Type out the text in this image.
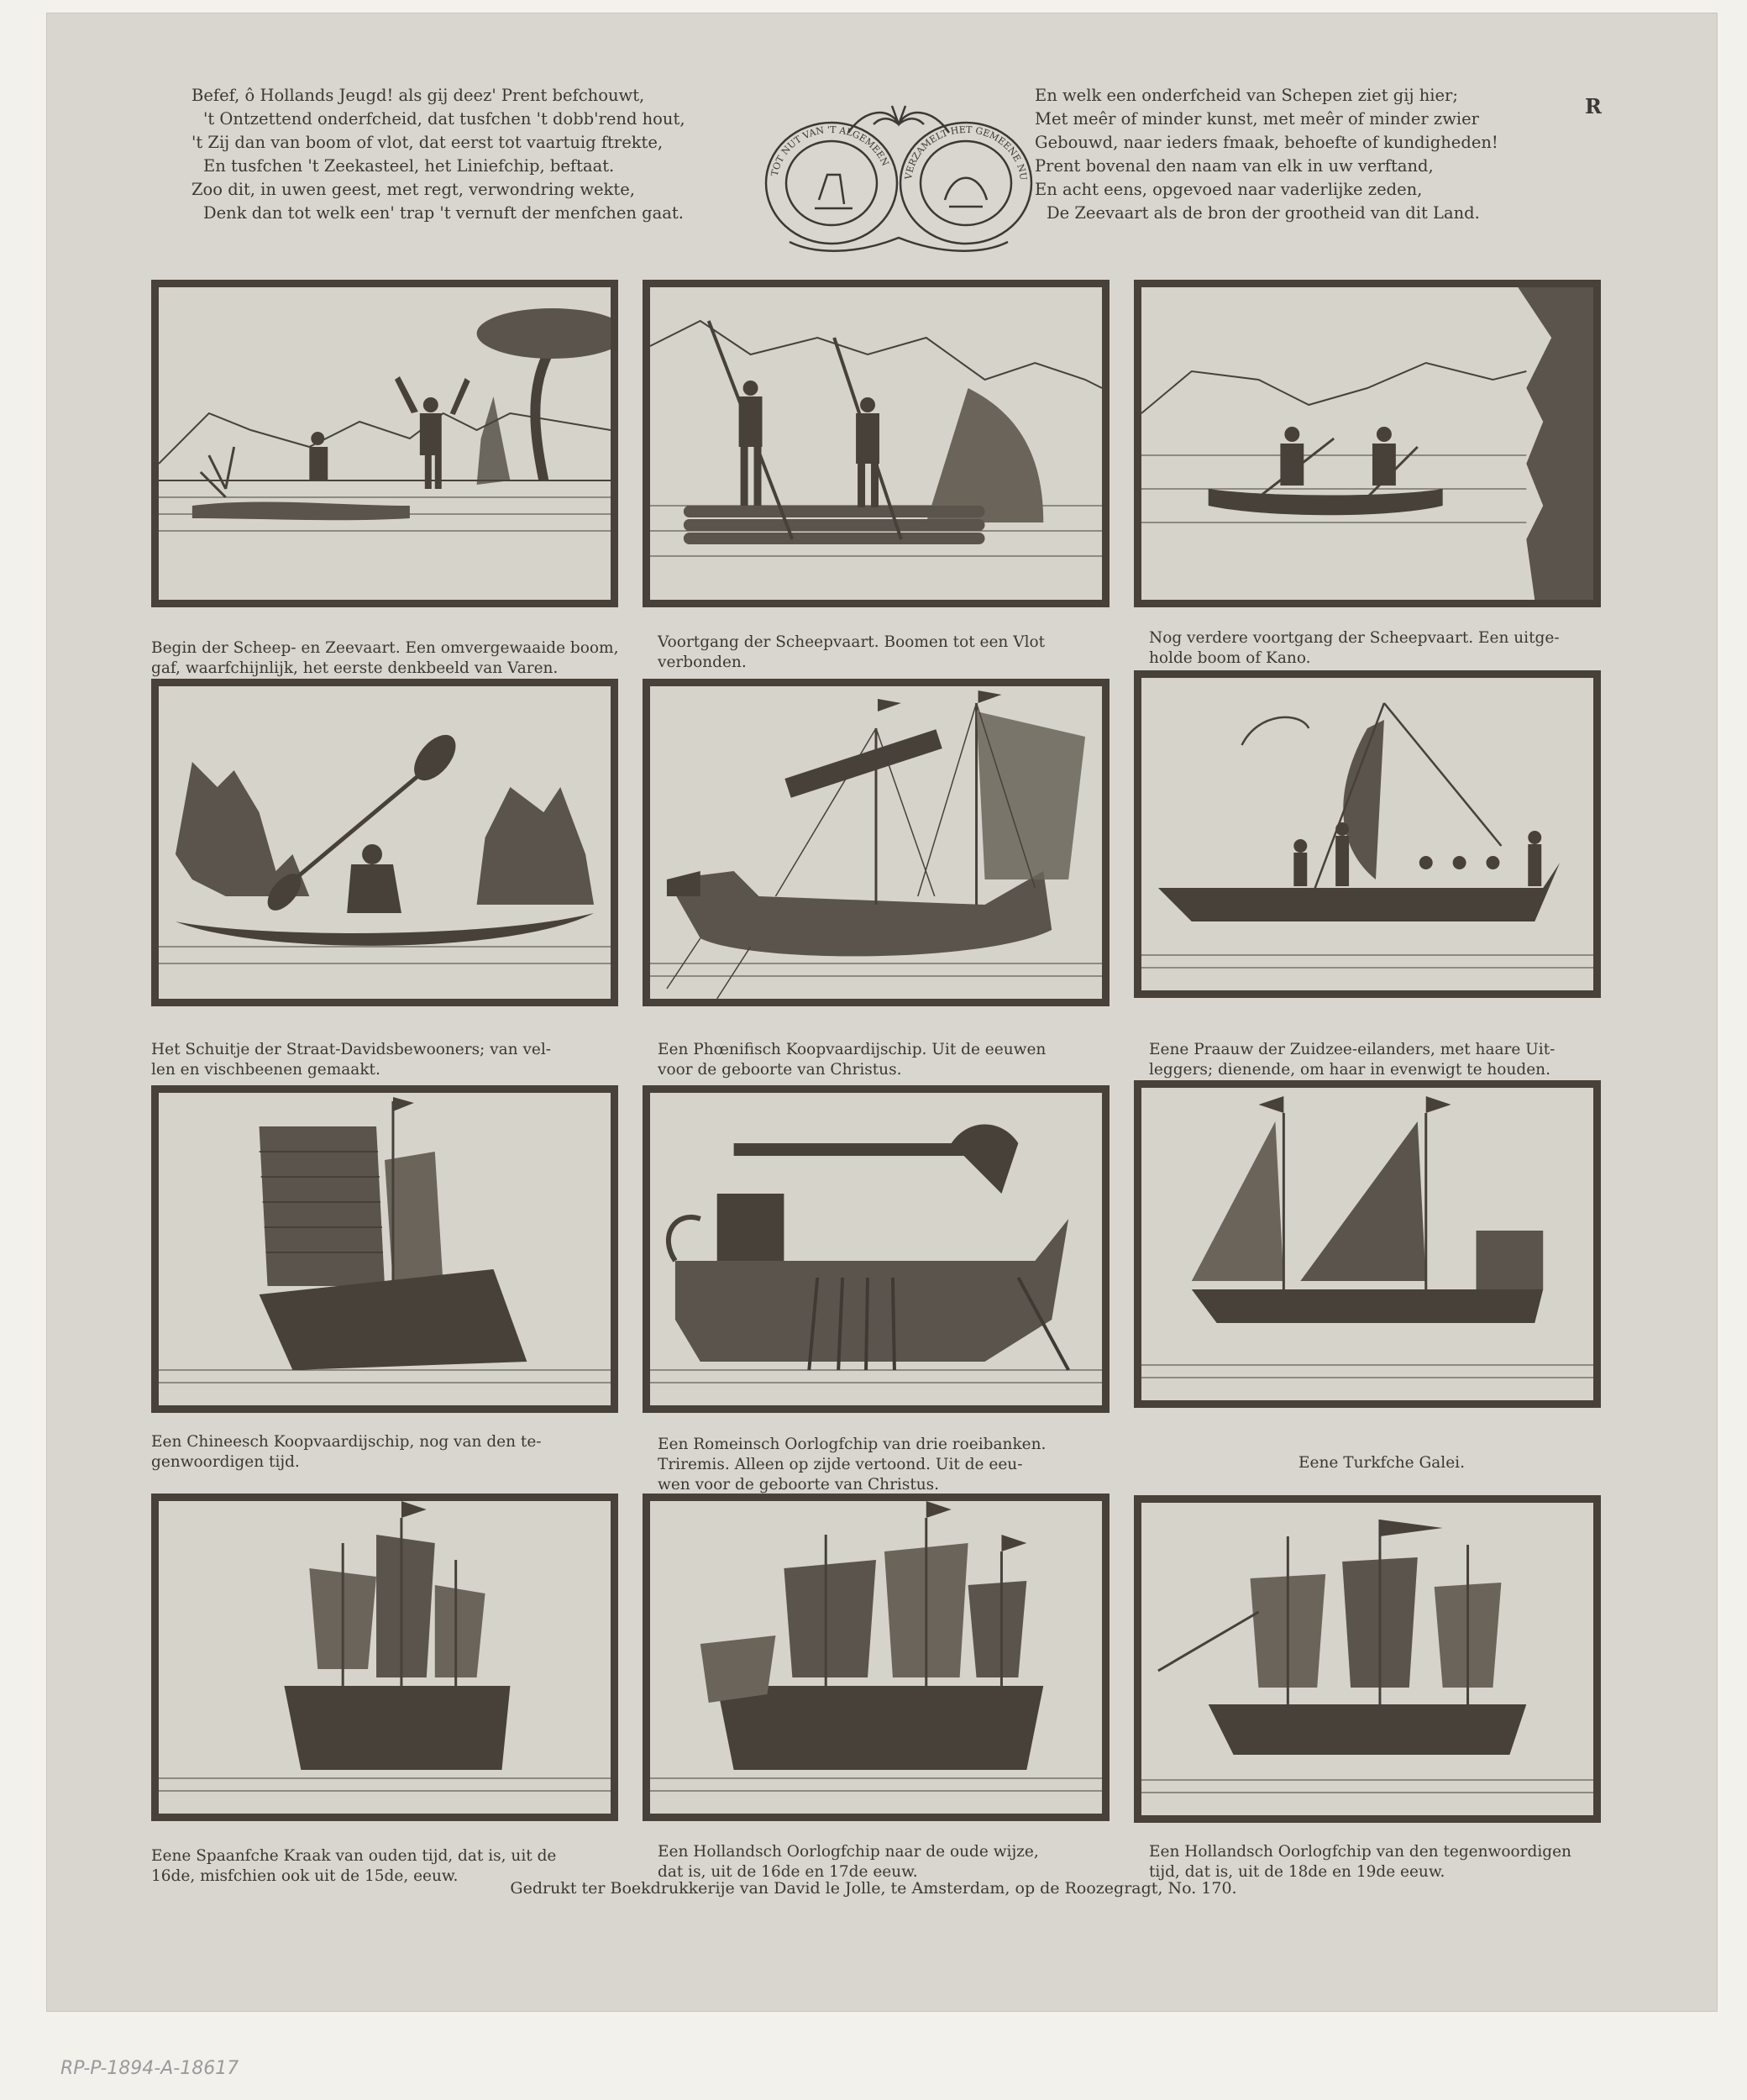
Befef, ô Hollands Jeugd! als gij deez' Prent befchouwt,
't Ontzettend onderfcheid, dat tusfchen 't dobb'rend hout,
't Zij dan van boom of vlot, dat eerst tot vaartuig ftrekte,
En tusfchen 't Zeekasteel, het Liniefchip, beftaat.
Zoo dit, in uwen geest, met regt, verwondring wekte,
Denk dan tot welk een' trap 't vernuft der menfchen gaat.
TOT NUT VAN 'T ALGEMEEN
VERZAMELT HET GEMEENE NU
En welk een onderfcheid van Schepen ziet gij hier;
Met meêr of minder kunst, met meêr of minder zwier
Gebouwd, naar ieders fmaak, behoefte of kundigheden!
Prent bovenal den naam van elk in uw verftand,
En acht eens, opgevoed naar vaderlijke zeden,
De Zeevaart als de bron der grootheid van dit Land.
R
Begin der Scheep- en Zeevaart. Een omvergewaaide boom,
gaf, waarfchijnlijk, het eerste denkbeeld van Varen.
Voortgang der Scheepvaart. Boomen tot een Vlot
verbonden.
Nog verdere voortgang der Scheepvaart. Een uitge-
holde boom of Kano.
Het Schuitje der Straat-Davidsbewooners; van vel-
len en vischbeenen gemaakt.
Een Phœnifisch Koopvaardijschip. Uit de eeuwen
voor de geboorte van Christus.
Eene Praauw der Zuidzee-eilanders, met haare Uit-
leggers; dienende, om haar in evenwigt te houden.
Een Chineesch Koopvaardijschip, nog van den te-
genwoordigen tijd.
Een Romeinsch Oorlogfchip van drie roeibanken.
Triremis. Alleen op zijde vertoond. Uit de eeu-
wen voor de geboorte van Christus.
Eene Turkfche Galei.
Eene Spaanfche Kraak van ouden tijd, dat is, uit de
16de, misfchien ook uit de 15de, eeuw.
Een Hollandsch Oorlogfchip naar de oude wijze,
dat is, uit de 16de en 17de eeuw.
Een Hollandsch Oorlogfchip van den tegenwoordigen
tijd, dat is, uit de 18de en 19de eeuw.
Gedrukt ter Boekdrukkerije van David le Jolle, te Amsterdam, op de Roozegragt, No. 170.
RP-P-1894-A-18617
